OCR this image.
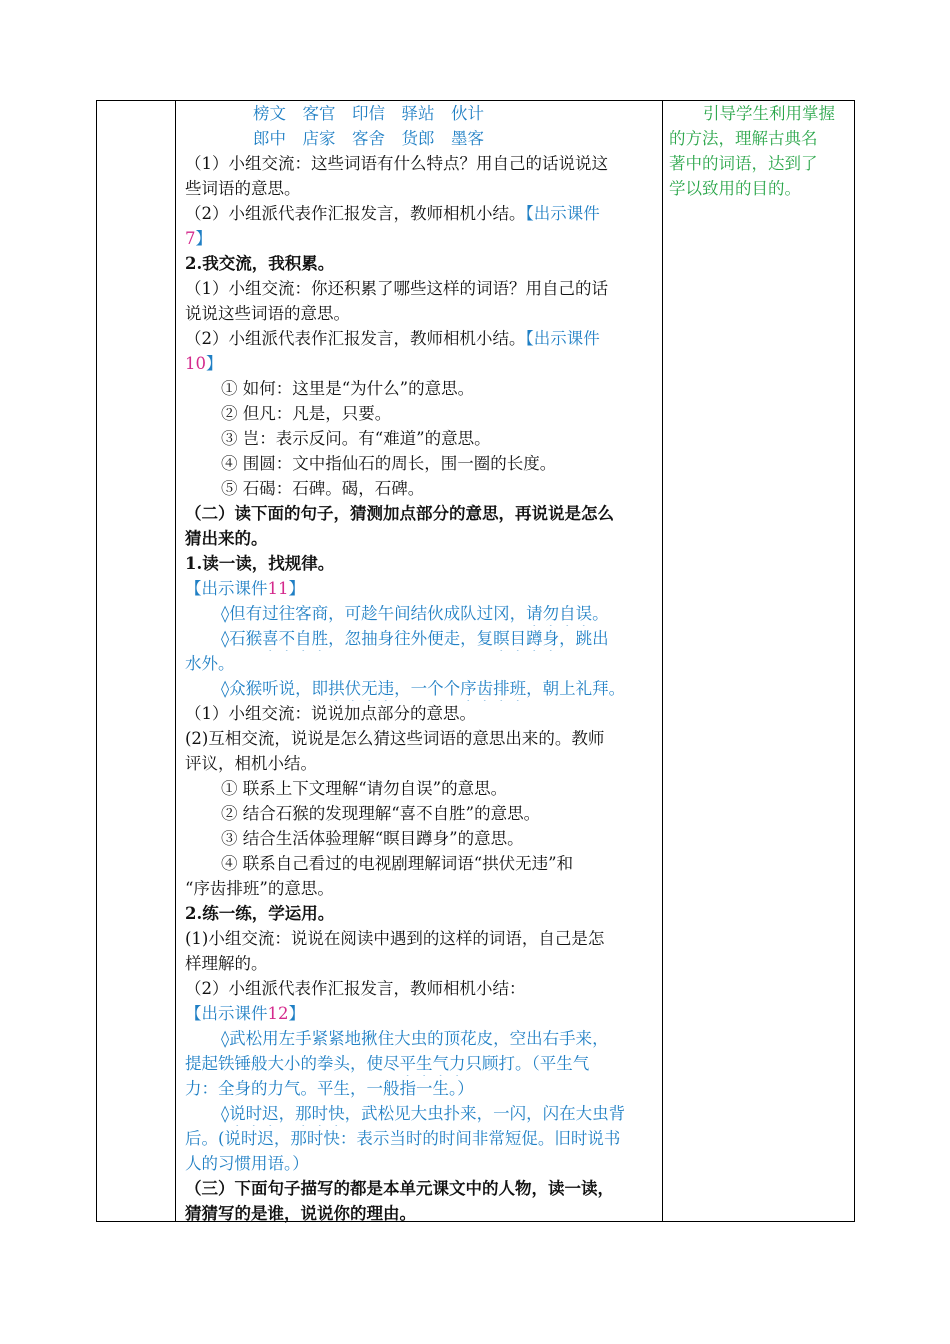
榜文  客官  印信  驿站  伙计
郎中  店家  客舍  货郎  墨客
（1）小组交流：这些词语有什么特点？用自己的话说说这
些词语的意思。
（2）小组派代表作汇报发言，教师相机小结。【出示课件
7】
2.我交流，我积累。
（1）小组交流：你还积累了哪些这样的词语？用自己的话
说说这些词语的意思。
（2）小组派代表作汇报发言，教师相机小结。【出示课件
10】
① 如何：这里是“为什么”的意思。
② 但凡：凡是，只要。
③ 岂：表示反问。有“难道”的意思。
④ 围圆：文中指仙石的周长，围一圈的长度。
⑤ 石碣：石碑。碣，石碑。
（二）读下面的句子，猜测加点部分的意思，再说说是怎么
猜出来的。
1.读一读，找规律。
【出示课件11】
◊但有过往客商，可趁午间结伙成队过冈，请勿自误。
◊石猴喜不自胜，忽抽身往外便走，复瞑目蹲身，跳出
水外。
◊众猴听说，即拱伏无违，一个个序齿排班，朝上礼拜。
（1）小组交流：说说加点部分的意思。
(2)互相交流，说说是怎么猜这些词语的意思出来的。教师
评议，相机小结。
① 联系上下文理解“请勿自误”的意思。
② 结合石猴的发现理解“喜不自胜”的意思。
③ 结合生活体验理解“瞑目蹲身”的意思。
④ 联系自己看过的电视剧理解词语“拱伏无违”和
“序齿排班”的意思。
2.练一练，学运用。
(1)小组交流：说说在阅读中遇到的这样的词语，自己是怎
样理解的。
（2）小组派代表作汇报发言，教师相机小结：
【出示课件12】
◊武松用左手紧紧地揪住大虫的顶花皮，空出右手来，
提起铁锤般大小的拳头，使尽平生气力只顾打。（平生气
力：全身的力气。平生，一般指一生。）
◊说时迟，那时快，武松见大虫扑来，一闪，闪在大虫背
后。(说时迟，那时快：表示当时的时间非常短促。旧时说书
人的习惯用语。）
（三）下面句子描写的都是本单元课文中的人物，读一读，
猜猜写的是谁，说说你的理由。
引导学生利用掌握
的方法，理解古典名
著中的词语，达到了
学以致用的目的。
